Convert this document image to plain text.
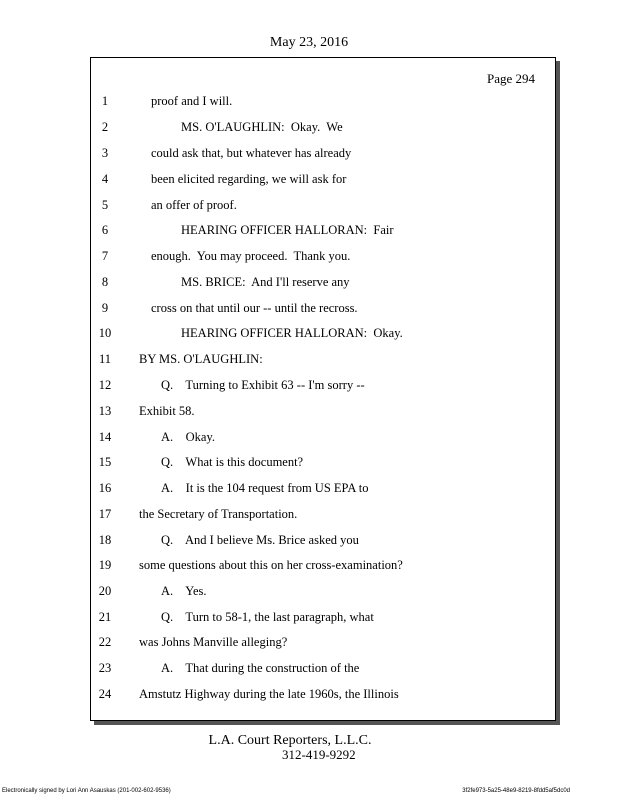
May 23, 2016
Page 294
1	proof and I will.
2	MS. O'LAUGHLIN:  Okay.  We
3	could ask that, but whatever has already
4	been elicited regarding, we will ask for
5	an offer of proof.
6	HEARING OFFICER HALLORAN:  Fair
7	enough.  You may proceed.  Thank you.
8	MS. BRICE:  And I'll reserve any
9	cross on that until our -- until the recross.
10	HEARING OFFICER HALLORAN:  Okay.
11	BY MS. O'LAUGHLIN:
12	Q.    Turning to Exhibit 63 -- I'm sorry --
13	Exhibit 58.
14	A.    Okay.
15	Q.    What is this document?
16	A.    It is the 104 request from US EPA to
17	the Secretary of Transportation.
18	Q.    And I believe Ms. Brice asked you
19	some questions about this on her cross-examination?
20	A.    Yes.
21	Q.    Turn to 58-1, the last paragraph, what
22	was Johns Manville alleging?
23	A.    That during the construction of the
24	Amstutz Highway during the late 1960s, the Illinois
L.A. Court Reporters, L.L.C.
312-419-9292
Electronically signed by Lori Ann Asauskas (201-002-602-9536)	3f2fe973-5a25-48e9-8219-8fdd5af5dc0d
